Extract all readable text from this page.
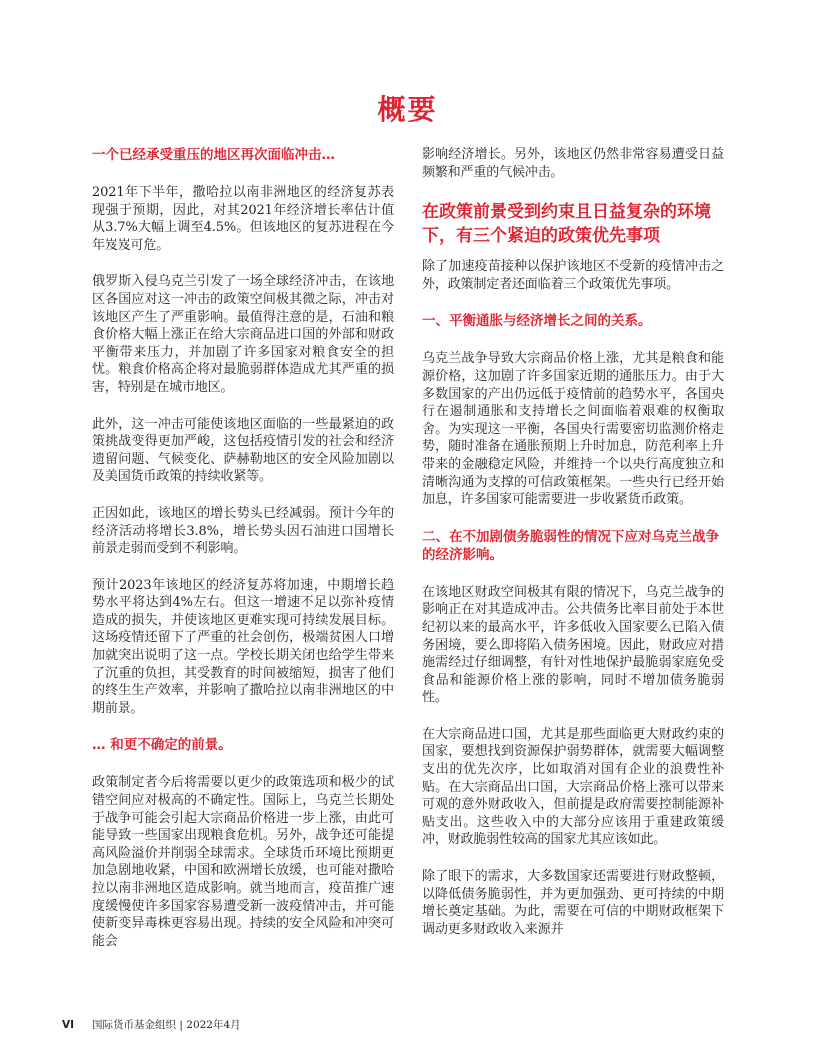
概要
一个已经承受重压的地区再次面临冲击…

2021年下半年，撒哈拉以南非洲地区的经济复苏表现强于预期，因此，对其2021年经济增长率估计值从3.7%大幅上调至4.5%。但该地区的复苏进程在今年岌岌可危。

俄罗斯入侵乌克兰引发了一场全球经济冲击，在该地区各国应对这一冲击的政策空间极其微之际，冲击对该地区产生了严重影响。最值得注意的是，石油和粮食价格大幅上涨正在给大宗商品进口国的外部和财政平衡带来压力，并加剧了许多国家对粮食安全的担忧。粮食价格高企将对最脆弱群体造成尤其严重的损害，特别是在城市地区。

此外，这一冲击可能使该地区面临的一些最紧迫的政策挑战变得更加严峻，这包括疫情引发的社会和经济遗留问题、气候变化、萨赫勒地区的安全风险加剧以及美国货币政策的持续收紧等。

正因如此，该地区的增长势头已经减弱。预计今年的经济活动将增长3.8%，增长势头因石油进口国增长前景走弱而受到不利影响。

预计2023年该地区的经济复苏将加速，中期增长趋势水平将达到4%左右。但这一增速不足以弥补疫情造成的损失，并使该地区更难实现可持续发展目标。这场疫情还留下了严重的社会创伤，极端贫困人口增加就突出说明了这一点。学校长期关闭也给学生带来了沉重的负担，其受教育的时间被缩短，损害了他们的终生生产效率，并影响了撒哈拉以南非洲地区的中期前景。

… 和更不确定的前景。

政策制定者今后将需要以更少的政策选项和极少的试错空间应对极高的不确定性。国际上，乌克兰长期处于战争可能会引起大宗商品价格进一步上涨，由此可能导致一些国家出现粮食危机。另外，战争还可能提高风险溢价并削弱全球需求。全球货币环境比预期更加急剧地收紧，中国和欧洲增长放缓，也可能对撒哈拉以南非洲地区造成影响。就当地而言，疫苗推广速度缓慢使许多国家容易遭受新一波疫情冲击，并可能使新变异毒株更容易出现。持续的安全风险和冲突可能会

影响经济增长。另外，该地区仍然非常容易遭受日益频繁和严重的气候冲击。

在政策前景受到约束且日益复杂的环境下，有三个紧迫的政策优先事项

除了加速疫苗接种以保护该地区不受新的疫情冲击之外，政策制定者还面临着三个政策优先事项。

一、平衡通胀与经济增长之间的关系。

乌克兰战争导致大宗商品价格上涨，尤其是粮食和能源价格，这加剧了许多国家近期的通胀压力。由于大多数国家的产出仍远低于疫情前的趋势水平，各国央行在遏制通胀和支持增长之间面临着艰难的权衡取舍。为实现这一平衡，各国央行需要密切监测价格走势，随时准备在通胀预期上升时加息，防范利率上升带来的金融稳定风险，并维持一个以央行高度独立和清晰沟通为支撑的可信政策框架。一些央行已经开始加息，许多国家可能需要进一步收紧货币政策。

二、在不加剧债务脆弱性的情况下应对乌克兰战争的经济影响。

在该地区财政空间极其有限的情况下，乌克兰战争的影响正在对其造成冲击。公共债务比率目前处于本世纪初以来的最高水平，许多低收入国家要么已陷入债务困境，要么即将陷入债务困境。因此，财政应对措施需经过仔细调整，有针对性地保护最脆弱家庭免受食品和能源价格上涨的影响，同时不增加债务脆弱性。

在大宗商品进口国，尤其是那些面临更大财政约束的国家，要想找到资源保护弱势群体，就需要大幅调整支出的优先次序，比如取消对国有企业的浪费性补贴。在大宗商品出口国，大宗商品价格上涨可以带来可观的意外财政收入，但前提是政府需要控制能源补贴支出。这些收入中的大部分应该用于重建政策缓冲，财政脆弱性较高的国家尤其应该如此。

除了眼下的需求，大多数国家还需要进行财政整顿，以降低债务脆弱性，并为更加强劲、更可持续的中期增长奠定基础。为此，需要在可信的中期财政框架下调动更多财政收入来源并

VI 国际货币基金组织 | 2022年4月
